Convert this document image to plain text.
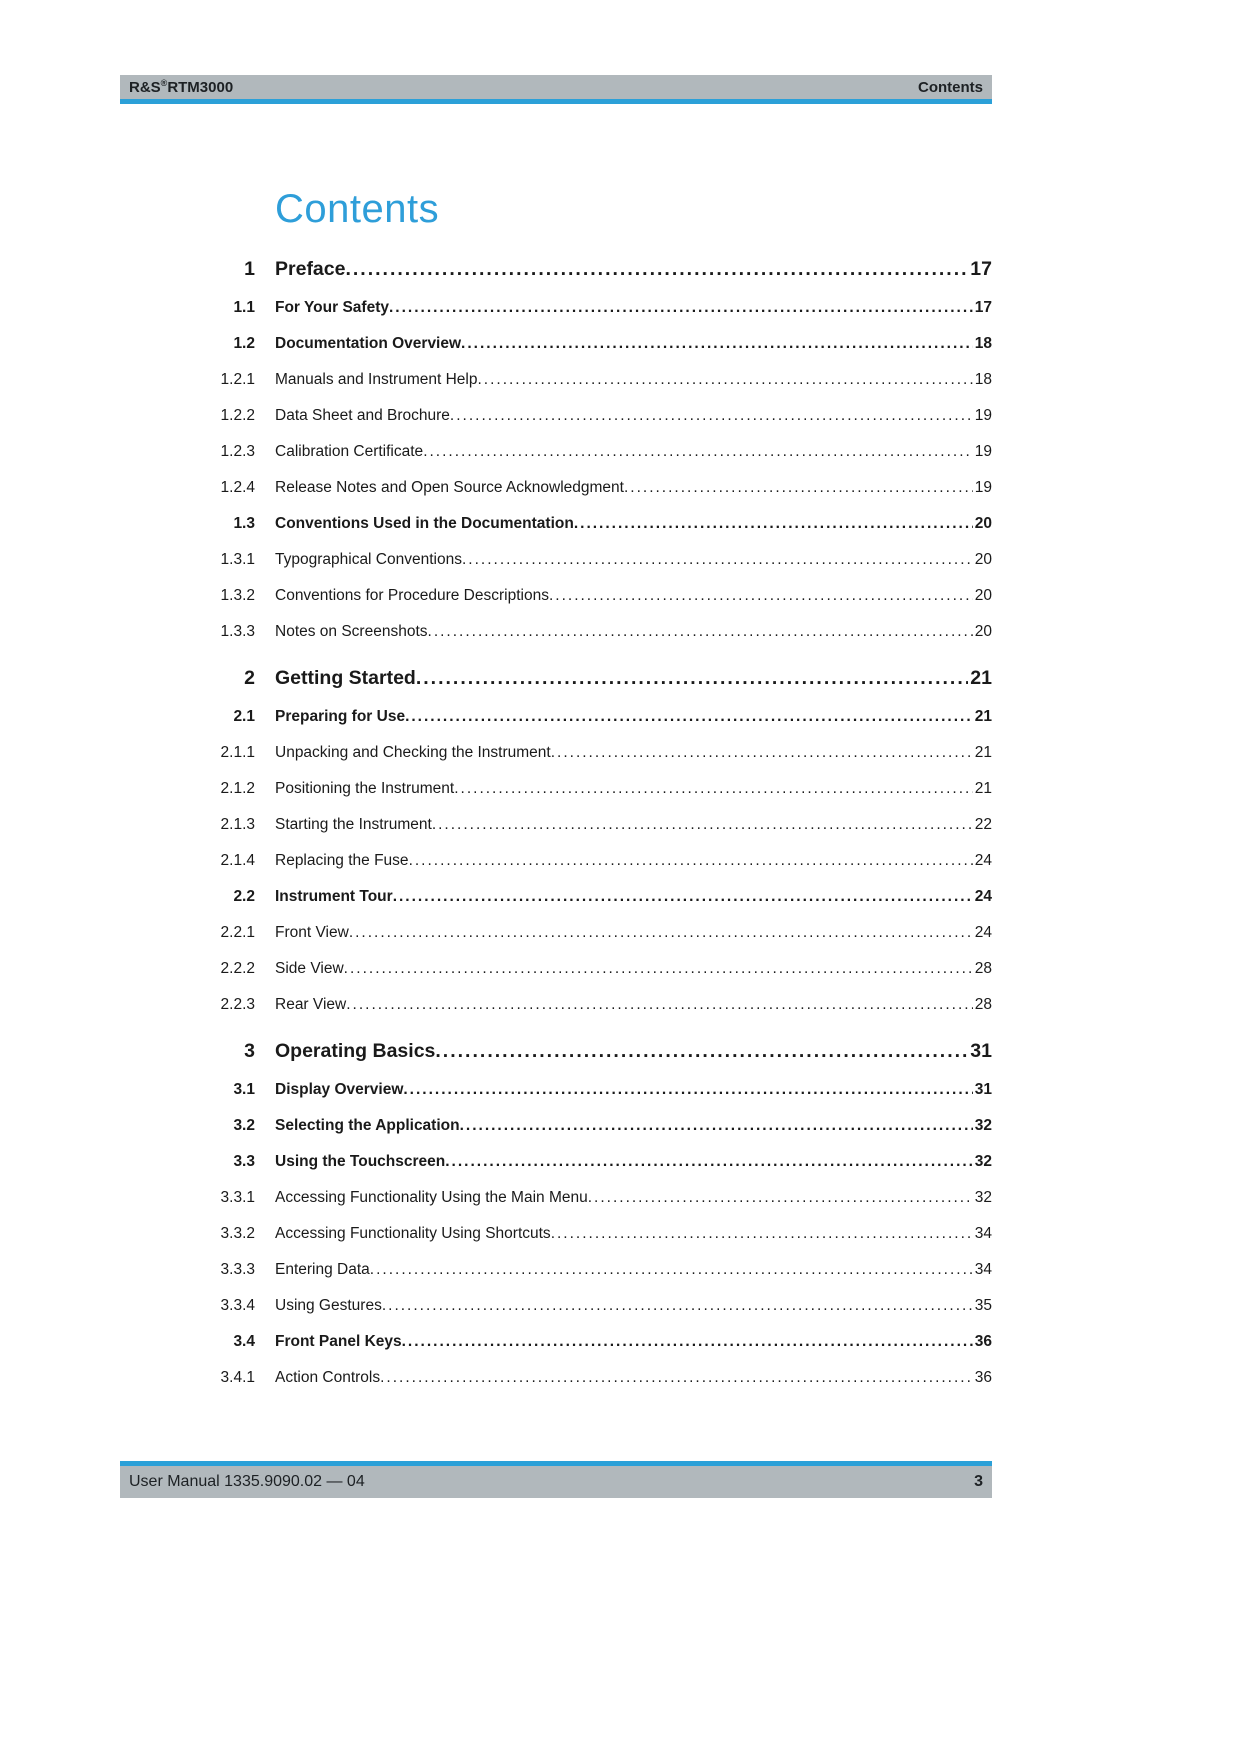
R&S®RTM3000	Contents
Contents
1 Preface .....	17
1.1 For Your Safety .....	17
1.2 Documentation Overview .....	18
1.2.1 Manuals and Instrument Help .....	18
1.2.2 Data Sheet and Brochure .....	19
1.2.3 Calibration Certificate .....	19
1.2.4 Release Notes and Open Source Acknowledgment .....	19
1.3 Conventions Used in the Documentation .....	20
1.3.1 Typographical Conventions .....	20
1.3.2 Conventions for Procedure Descriptions .....	20
1.3.3 Notes on Screenshots .....	20
2 Getting Started .....	21
2.1 Preparing for Use .....	21
2.1.1 Unpacking and Checking the Instrument .....	21
2.1.2 Positioning the Instrument .....	21
2.1.3 Starting the Instrument .....	22
2.1.4 Replacing the Fuse .....	24
2.2 Instrument Tour .....	24
2.2.1 Front View .....	24
2.2.2 Side View .....	28
2.2.3 Rear View .....	28
3 Operating Basics .....	31
3.1 Display Overview .....	31
3.2 Selecting the Application .....	32
3.3 Using the Touchscreen .....	32
3.3.1 Accessing Functionality Using the Main Menu .....	32
3.3.2 Accessing Functionality Using Shortcuts .....	34
3.3.3 Entering Data .....	34
3.3.4 Using Gestures .....	35
3.4 Front Panel Keys .....	36
3.4.1 Action Controls .....	36
User Manual 1335.9090.02 — 04	3
